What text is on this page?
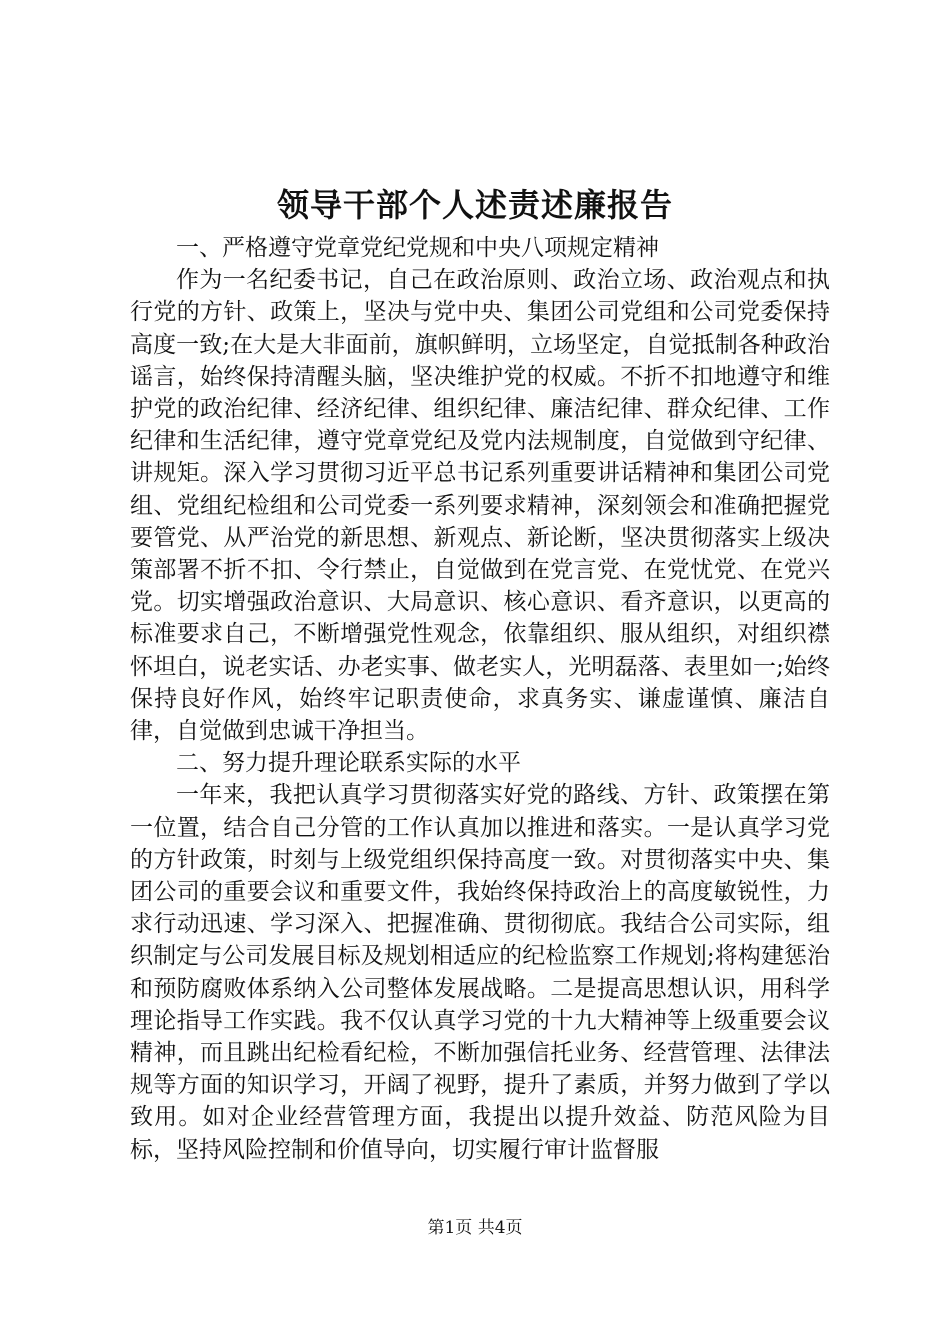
领导干部个人述责述廉报告

一、严格遵守党章党纪党规和中央八项规定精神

作为一名纪委书记，自己在政治原则、政治立场、政治观点和执行党的方针、政策上，坚决与党中央、集团公司党组和公司党委保持高度一致;在大是大非面前，旗帜鲜明，立场坚定，自觉抵制各种政治谣言，始终保持清醒头脑，坚决维护党的权威。不折不扣地遵守和维护党的政治纪律、经济纪律、组织纪律、廉洁纪律、群众纪律、工作纪律和生活纪律，遵守党章党纪及党内法规制度，自觉做到守纪律、讲规矩。深入学习贯彻习近平总书记系列重要讲话精神和集团公司党组、党组纪检组和公司党委一系列要求精神，深刻领会和准确把握党要管党、从严治党的新思想、新观点、新论断，坚决贯彻落实上级决策部署不折不扣、令行禁止，自觉做到在党言党、在党忧党、在党兴党。切实增强政治意识、大局意识、核心意识、看齐意识，以更高的标准要求自己，不断增强党性观念，依靠组织、服从组织，对组织襟怀坦白，说老实话、办老实事、做老实人，光明磊落、表里如一;始终保持良好作风，始终牢记职责使命，求真务实、谦虚谨慎、廉洁自律，自觉做到忠诚干净担当。

二、努力提升理论联系实际的水平

一年来，我把认真学习贯彻落实好党的路线、方针、政策摆在第一位置，结合自己分管的工作认真加以推进和落实。一是认真学习党的方针政策，时刻与上级党组织保持高度一致。对贯彻落实中央、集团公司的重要会议和重要文件，我始终保持政治上的高度敏锐性，力求行动迅速、学习深入、把握准确、贯彻彻底。我结合公司实际，组织制定与公司发展目标及规划相适应的纪检监察工作规划;将构建惩治和预防腐败体系纳入公司整体发展战略。二是提高思想认识，用科学理论指导工作实践。我不仅认真学习党的十九大精神等上级重要会议精神，而且跳出纪检看纪检，不断加强信托业务、经营管理、法律法规等方面的知识学习，开阔了视野，提升了素质，并努力做到了学以致用。如对企业经营管理方面，我提出以提升效益、防范风险为目标，坚持风险控制和价值导向，切实履行审计监督服

第1页 共4页
